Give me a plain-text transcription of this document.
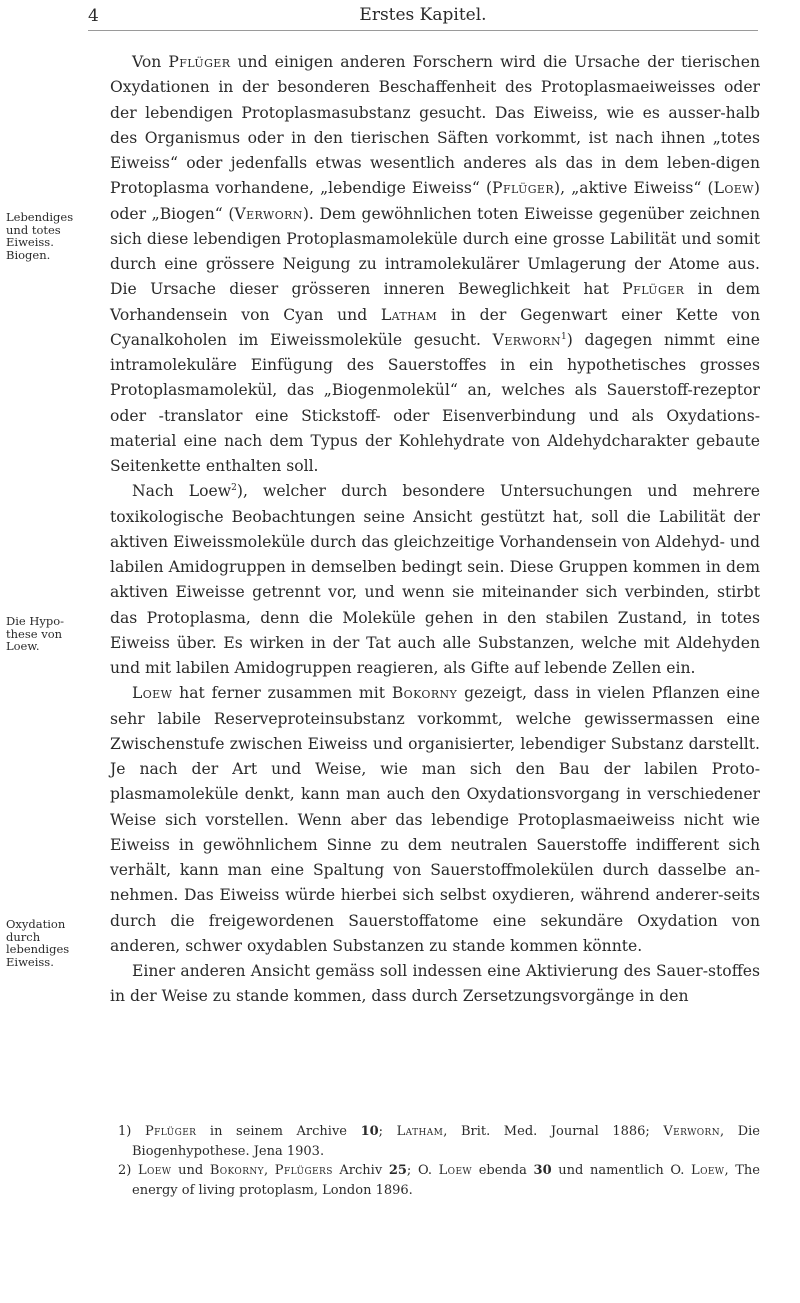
4	Erstes Kapitel.
Lebendiges und totes Eiweiss. Biogen.
Die Hypo- these von Loew.
Oxydation durch lebendiges Eiweiss.

Von Pflüger und einigen anderen Forschern wird die Ursache der tierischen Oxydationen in der besonderen Beschaffenheit des Protoplasmaeiweisses oder der lebendigen Protoplasmasubstanz gesucht. Das Eiweiss, wie es ausser-halb des Organismus oder in den tierischen Säften vorkommt, ist nach ihnen „totes Eiweiss“ oder jedenfalls etwas wesentlich anderes als das in dem leben-digen Protoplasma vorhandene, „lebendige Eiweiss“ (Pflüger), „aktive Eiweiss“ (Loew) oder „Biogen“ (Verworn). Dem gewöhnlichen toten Eiweisse gegenüber zeichnen sich diese lebendigen Protoplasmamoleküle durch eine grosse Labilität und somit durch eine grössere Neigung zu intramolekulärer Umlagerung der Atome aus. Die Ursache dieser grösseren inneren Beweglichkeit hat Pflüger in dem Vorhandensein von Cyan und Latham in der Gegenwart einer Kette von Cyanalkoholen im Eiweissmoleküle gesucht. Verworn$^1$) dagegen nimmt eine intramolekuläre Einfügung des Sauerstoffes in ein hypothetisches grosses Protoplasmamolekül, das „Biogenmolekül“ an, welches als Sauerstoff-rezeptor oder -translator eine Stickstoff- oder Eisenverbindung und als Oxydations-material eine nach dem Typus der Kohlehydrate von Aldehydcharakter gebaute Seitenkette enthalten soll.

Nach Loew$^2$), welcher durch besondere Untersuchungen und mehrere toxikologische Beobachtungen seine Ansicht gestützt hat, soll die Labilität der aktiven Eiweissmoleküle durch das gleichzeitige Vorhandensein von Aldehyd- und labilen Amidogruppen in demselben bedingt sein. Diese Gruppen kommen in dem aktiven Eiweisse getrennt vor, und wenn sie miteinander sich verbinden, stirbt das Protoplasma, denn die Moleküle gehen in den stabilen Zustand, in totes Eiweiss über. Es wirken in der Tat auch alle Substanzen, welche mit Aldehyden und mit labilen Amidogruppen reagieren, als Gifte auf lebende Zellen ein.

Loew hat ferner zusammen mit Bokorny gezeigt, dass in vielen Pflanzen eine sehr labile Reserveproteinsubstanz vorkommt, welche gewissermassen eine Zwischenstufe zwischen Eiweiss und organisierter, lebendiger Substanz darstellt. Je nach der Art und Weise, wie man sich den Bau der labilen Proto-plasmamoleküle denkt, kann man auch den Oxydationsvorgang in verschiedener Weise sich vorstellen. Wenn aber das lebendige Protoplasmaeiweiss nicht wie Eiweiss in gewöhnlichem Sinne zu dem neutralen Sauerstoffe indifferent sich verhält, kann man eine Spaltung von Sauerstoffmolekülen durch dasselbe an-nehmen. Das Eiweiss würde hierbei sich selbst oxydieren, während anderer-seits durch die freigewordenen Sauerstoffatome eine sekundäre Oxydation von anderen, schwer oxydablen Substanzen zu stande kommen könnte.

Einer anderen Ansicht gemäss soll indessen eine Aktivierung des Sauer-stoffes in der Weise zu stande kommen, dass durch Zersetzungsvorgänge in den

1) Pflüger in seinem Archive 10; Latham, Brit. Med. Journal 1886; Verworn, Die Biogenhypothese. Jena 1903.

2) Loew und Bokorny, Pflügers Archiv 25; O. Loew ebenda 30 und namentlich O. Loew, The energy of living protoplasm, London 1896.
